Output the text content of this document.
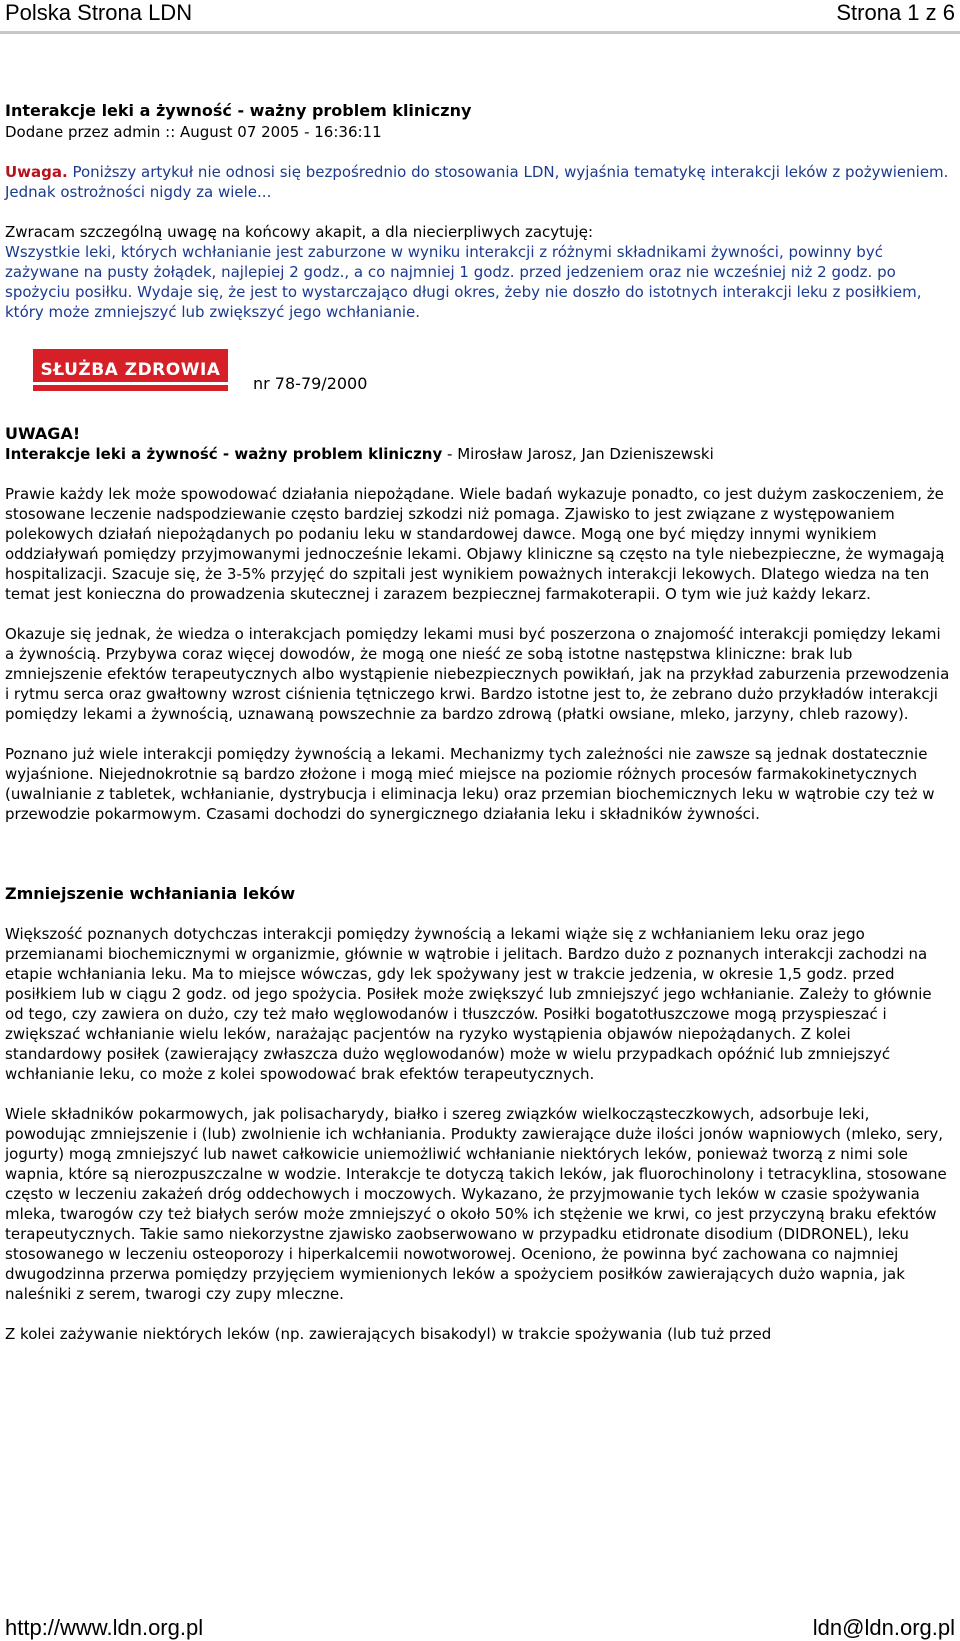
Polska Strona LDN	Strona 1 z 6
Interakcje leki a żywność - ważny problem kliniczny
Dodane przez admin :: August 07 2005 - 16:36:11

Uwaga. Poniższy artykuł nie odnosi się bezpośrednio do stosowania LDN, wyjaśnia tematykę interakcji leków z pożywieniem. Jednak ostrożności nigdy za wiele...

Zwracam szczególną uwagę na końcowy akapit, a dla niecierpliwych zacytuję:

Wszystkie leki, których wchłanianie jest zaburzone w wyniku interakcji z różnymi składnikami żywności, powinny być zażywane na pusty żołądek, najlepiej 2 godz., a co najmniej 1 godz. przed jedzeniem oraz nie wcześniej niż 2 godz. po spożyciu posiłku. Wydaje się, że jest to wystarczająco długi okres, żeby nie doszło do istotnych interakcji leku z posiłkiem, który może zmniejszyć lub zwiększyć jego wchłanianie.

SŁUŻBA ZDROWIA
nr 78-79/2000
UWAGA!

Interakcje leki a żywność - ważny problem kliniczny - Mirosław Jarosz, Jan Dzieniszewski

Prawie każdy lek może spowodować działania niepożądane. Wiele badań wykazuje ponadto, co jest dużym zaskoczeniem, że stosowane leczenie nadspodziewanie często bardziej szkodzi niż pomaga. Zjawisko to jest związane z występowaniem polekowych działań niepożądanych po podaniu leku w standardowej dawce. Mogą one być między innymi wynikiem oddziaływań pomiędzy przyjmowanymi jednocześnie lekami. Objawy kliniczne są często na tyle niebezpieczne, że wymagają hospitalizacji. Szacuje się, że 3-5% przyjęć do szpitali jest wynikiem poważnych interakcji lekowych. Dlatego wiedza na ten temat jest konieczna do prowadzenia skutecznej i zarazem bezpiecznej farmakoterapii. O tym wie już każdy lekarz.

Okazuje się jednak, że wiedza o interakcjach pomiędzy lekami musi być poszerzona o znajomość interakcji pomiędzy lekami a żywnością. Przybywa coraz więcej dowodów, że mogą one nieść ze sobą istotne następstwa kliniczne: brak lub zmniejszenie efektów terapeutycznych albo wystąpienie niebezpiecznych powikłań, jak na przykład zaburzenia przewodzenia i rytmu serca oraz gwałtowny wzrost ciśnienia tętniczego krwi. Bardzo istotne jest to, że zebrano dużo przykładów interakcji pomiędzy lekami a żywnością, uznawaną powszechnie za bardzo zdrową (płatki owsiane, mleko, jarzyny, chleb razowy).

Poznano już wiele interakcji pomiędzy żywnością a lekami. Mechanizmy tych zależności nie zawsze są jednak dostatecznie wyjaśnione. Niejednokrotnie są bardzo złożone i mogą mieć miejsce na poziomie różnych procesów farmakokinetycznych (uwalnianie z tabletek, wchłanianie, dystrybucja i eliminacja leku) oraz przemian biochemicznych leku w wątrobie czy też w przewodzie pokarmowym. Czasami dochodzi do synergicznego działania leku i składników żywności.

Zmniejszenie wchłaniania leków

Większość poznanych dotychczas interakcji pomiędzy żywnością a lekami wiąże się z wchłanianiem leku oraz jego przemianami biochemicznymi w organizmie, głównie w wątrobie i jelitach. Bardzo dużo z poznanych interakcji zachodzi na etapie wchłaniania leku. Ma to miejsce wówczas, gdy lek spożywany jest w trakcie jedzenia, w okresie 1,5 godz. przed posiłkiem lub w ciągu 2 godz. od jego spożycia. Posiłek może zwiększyć lub zmniejszyć jego wchłanianie. Zależy to głównie od tego, czy zawiera on dużo, czy też mało węglowodanów i tłuszczów. Posiłki bogatotłuszczowe mogą przyspieszać i zwiększać wchłanianie wielu leków, narażając pacjentów na ryzyko wystąpienia objawów niepożądanych. Z kolei standardowy posiłek (zawierający zwłaszcza dużo węglowodanów) może w wielu przypadkach opóźnić lub zmniejszyć wchłanianie leku, co może z kolei spowodować brak efektów terapeutycznych.

Wiele składników pokarmowych, jak polisacharydy, białko i szereg związków wielkocząsteczkowych, adsorbuje leki, powodując zmniejszenie i (lub) zwolnienie ich wchłaniania. Produkty zawierające duże ilości jonów wapniowych (mleko, sery, jogurty) mogą zmniejszyć lub nawet całkowicie uniemożliwić wchłanianie niektórych leków, ponieważ tworzą z nimi sole wapnia, które są nierozpuszczalne w wodzie. Interakcje te dotyczą takich leków, jak fluorochinolony i tetracyklina, stosowane często w leczeniu zakażeń dróg oddechowych i moczowych. Wykazano, że przyjmowanie tych leków w czasie spożywania mleka, twarogów czy też białych serów może zmniejszyć o około 50% ich stężenie we krwi, co jest przyczyną braku efektów terapeutycznych. Takie samo niekorzystne zjawisko zaobserwowano w przypadku etidronate disodium (DIDRONEL), leku stosowanego w leczeniu osteoporozy i hiperkalcemii nowotworowej. Oceniono, że powinna być zachowana co najmniej dwugodzinna przerwa pomiędzy przyjęciem wymienionych leków a spożyciem posiłków zawierających dużo wapnia, jak naleśniki z serem, twarogi czy zupy mleczne.

Z kolei zażywanie niektórych leków (np. zawierających bisakodyl) w trakcie spożywania (lub tuż przed

http://www.ldn.org.pl	ldn@ldn.org.pl
